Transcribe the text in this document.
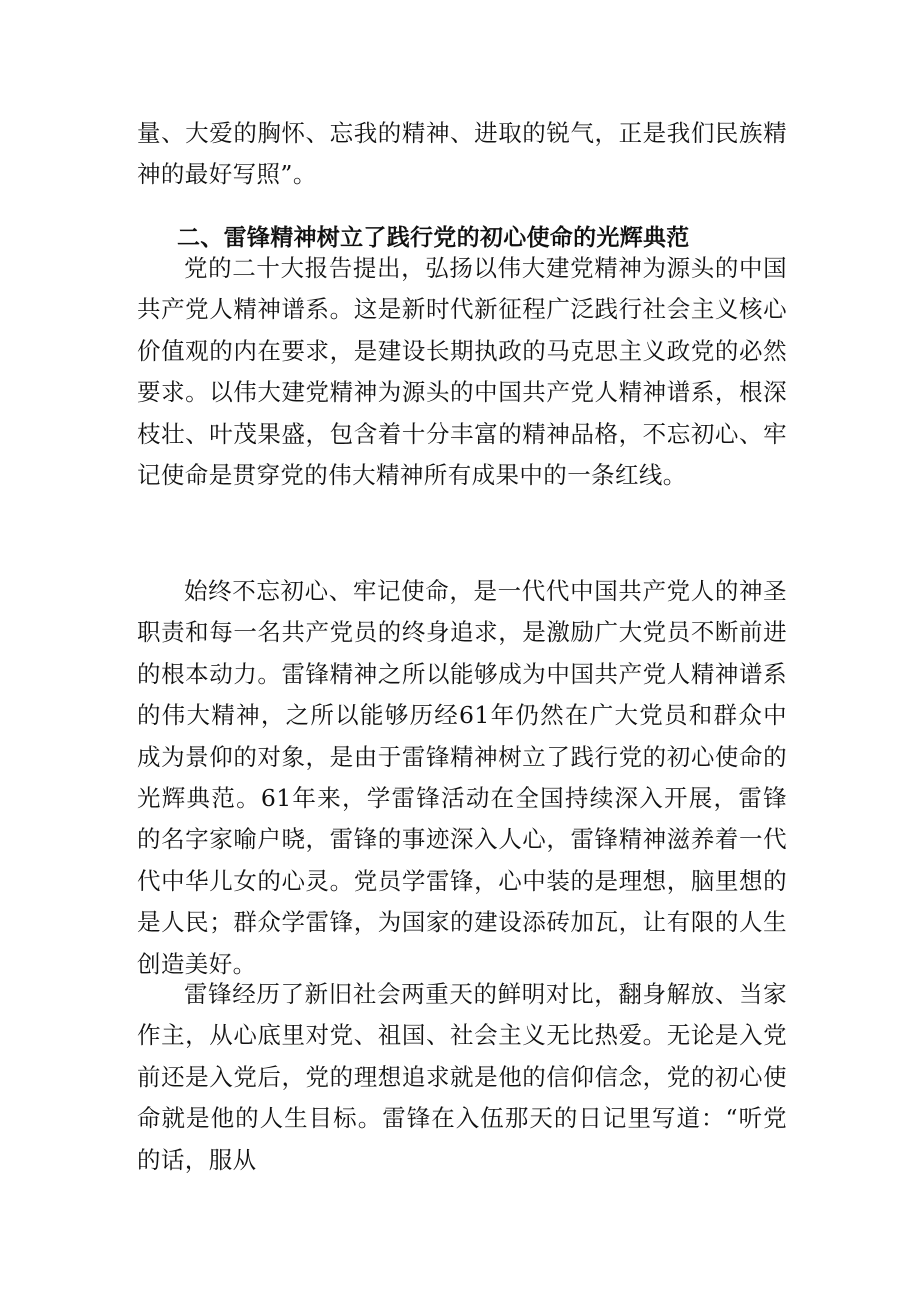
量、大爱的胸怀、忘我的精神、进取的锐气，正是我们民族精神的最好写照”。

二、雷锋精神树立了践行党的初心使命的光辉典范

党的二十大报告提出，弘扬以伟大建党精神为源头的中国共产党人精神谱系。这是新时代新征程广泛践行社会主义核心价值观的内在要求，是建设长期执政的马克思主义政党的必然要求。以伟大建党精神为源头的中国共产党人精神谱系，根深枝壮、叶茂果盛，包含着十分丰富的精神品格，不忘初心、牢记使命是贯穿党的伟大精神所有成果中的一条红线。

始终不忘初心、牢记使命，是一代代中国共产党人的神圣职责和每一名共产党员的终身追求，是激励广大党员不断前进的根本动力。雷锋精神之所以能够成为中国共产党人精神谱系的伟大精神，之所以能够历经61年仍然在广大党员和群众中成为景仰的对象，是由于雷锋精神树立了践行党的初心使命的光辉典范。61年来，学雷锋活动在全国持续深入开展，雷锋的名字家喻户晓，雷锋的事迹深入人心，雷锋精神滋养着一代代中华儿女的心灵。党员学雷锋，心中装的是理想，脑里想的是人民；群众学雷锋，为国家的建设添砖加瓦，让有限的人生创造美好。

雷锋经历了新旧社会两重天的鲜明对比，翻身解放、当家作主，从心底里对党、祖国、社会主义无比热爱。无论是入党前还是入党后，党的理想追求就是他的信仰信念，党的初心使命就是他的人生目标。雷锋在入伍那天的日记里写道：“听党的话，服从
